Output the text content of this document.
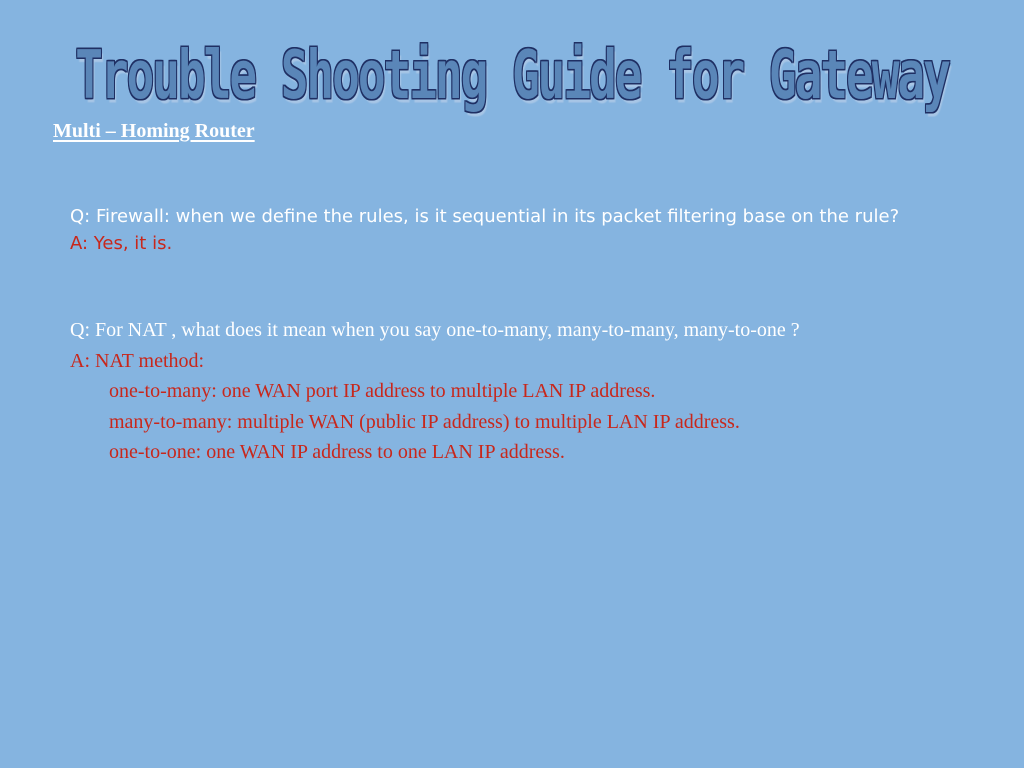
Trouble Shooting Guide for Gateway
Multi – Homing Router
Q: Firewall: when we define the rules, is it sequential in its packet filtering base on the rule?
A: Yes, it is.
Q: For NAT , what does it mean when you say one-to-many, many-to-many, many-to-one ?
A: NAT method:
one-to-many: one WAN port IP address to multiple LAN IP address.
many-to-many: multiple WAN (public IP address) to multiple LAN IP address.
one-to-one: one WAN IP address to one LAN IP address.
